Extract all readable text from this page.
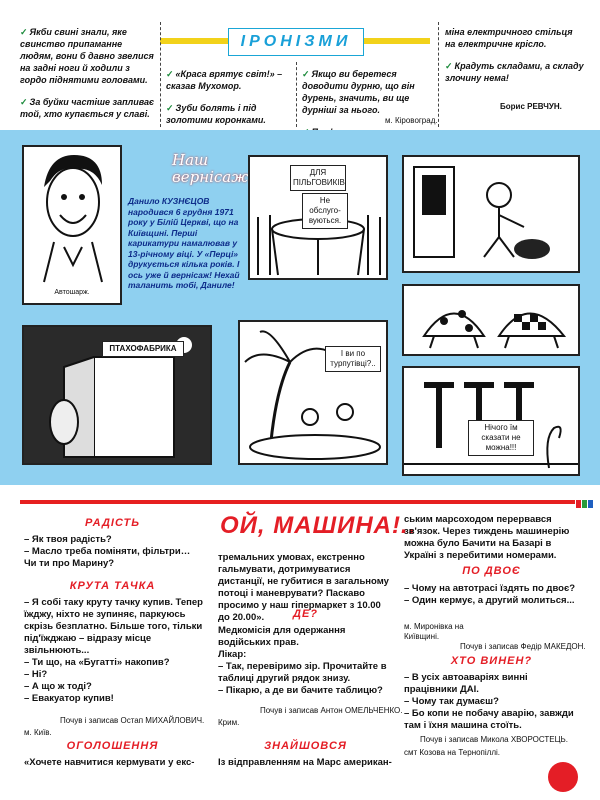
ІРОНІЗМИ

✓ Якби свині знали, яке свинство припаманне людям, вони б давно звелися на задні ноги й ходили з гордо піднятими головами.

✓ За буйки частіше запливає той, хто купається у славі.

✓ «Краса врятує світ!» – сказав Мухомор.

✓ Зуби болять і під золотими коронками.

✓ Якщо ви беретеся доводити дурню, що він дурень, значить, ви ще дурніші за нього.

м. Кіровоград.

міна електричного стільця на електричне крісло.

✓ Крадуть складами, а складу злочину нема!

Борис РЕВЧУН.
Автошарж.
Наш
вернісаж
Данило КУЗНЄЦОВ народився 6 грудня 1971 року у Білій Церкві, що на Київщині. Перші карикатури намалював у 13-річному віці. У «Перці» друкується кілька років. І ось уже й вернісаж! Нехай таланить тобі, Даниле!
ДЛЯ ПІЛЬГОВИКІВ
Не обслуго-вуються.
ПТАХОФАБРИКА
І ви по турпутівці?..
Нічого їм сказати не можна!!!
ОЙ, МАШИНА!..
РАДІСТЬ
– Як твоя радість?
– Масло треба поміняти, фільтри… Чи ти про Марину?
КРУТА ТАЧКА
– Я собі таку круту тачку купив. Тепер їжджу, ніхто не зупиняє, паркуюсь скрізь безплатно. Більше того, тільки під'їжджаю – відразу місце звільнюють...
– Ти що, на «Бугатті» накопив?
– Ні?
– А що ж тоді?
– Евакуатор купив!
Почув і записав Остап МИХАЙЛОВИЧ.
м. Київ.
ОГОЛОШЕННЯ
«Хочете навчитися кермувати у екс-
тремальних умовах, екстренно гальмувати, дотримуватися дистанції, не губитися в загальному потоці і маневрувати? Паскаво просимо у наш гіпермаркет з 10.00 до 20.00».	ДЕ?
Медкомісія для одержання водійських прав.
Лікар:
– Так, перевіримо зір. Прочитайте в таблиці другий рядок знизу.
– Пікарю, а де ви бачите таблицю?
Почув і записав Антон ОМЕЛЬЧЕНКО.
Крим.
ЗНАЙШОВСЯ
Із відправленням на Марс американ-
ським марсоходом перервався зв'язок. Через тиждень машинерію можна було Бачити на Базарі в Україні з перебитими номерами.
ПО ДВОЄ
– Чому на автотрасі їздять по двоє?
– Один кермує, а другий молиться...
м. Миронівка на Київщині.
Почув і записав Федір МАКЕДОН.
ХТО ВИНЕН?
– В усіх автоаваріях винні працівники ДАІ.
– Чому так думаєш?
– Бо копи не побачу аварію, завжди там і їхня машина стоїть.
Почув і записав Микола ХВОРОСТЕЦЬ.
смт Козова на Тернопіллі.
